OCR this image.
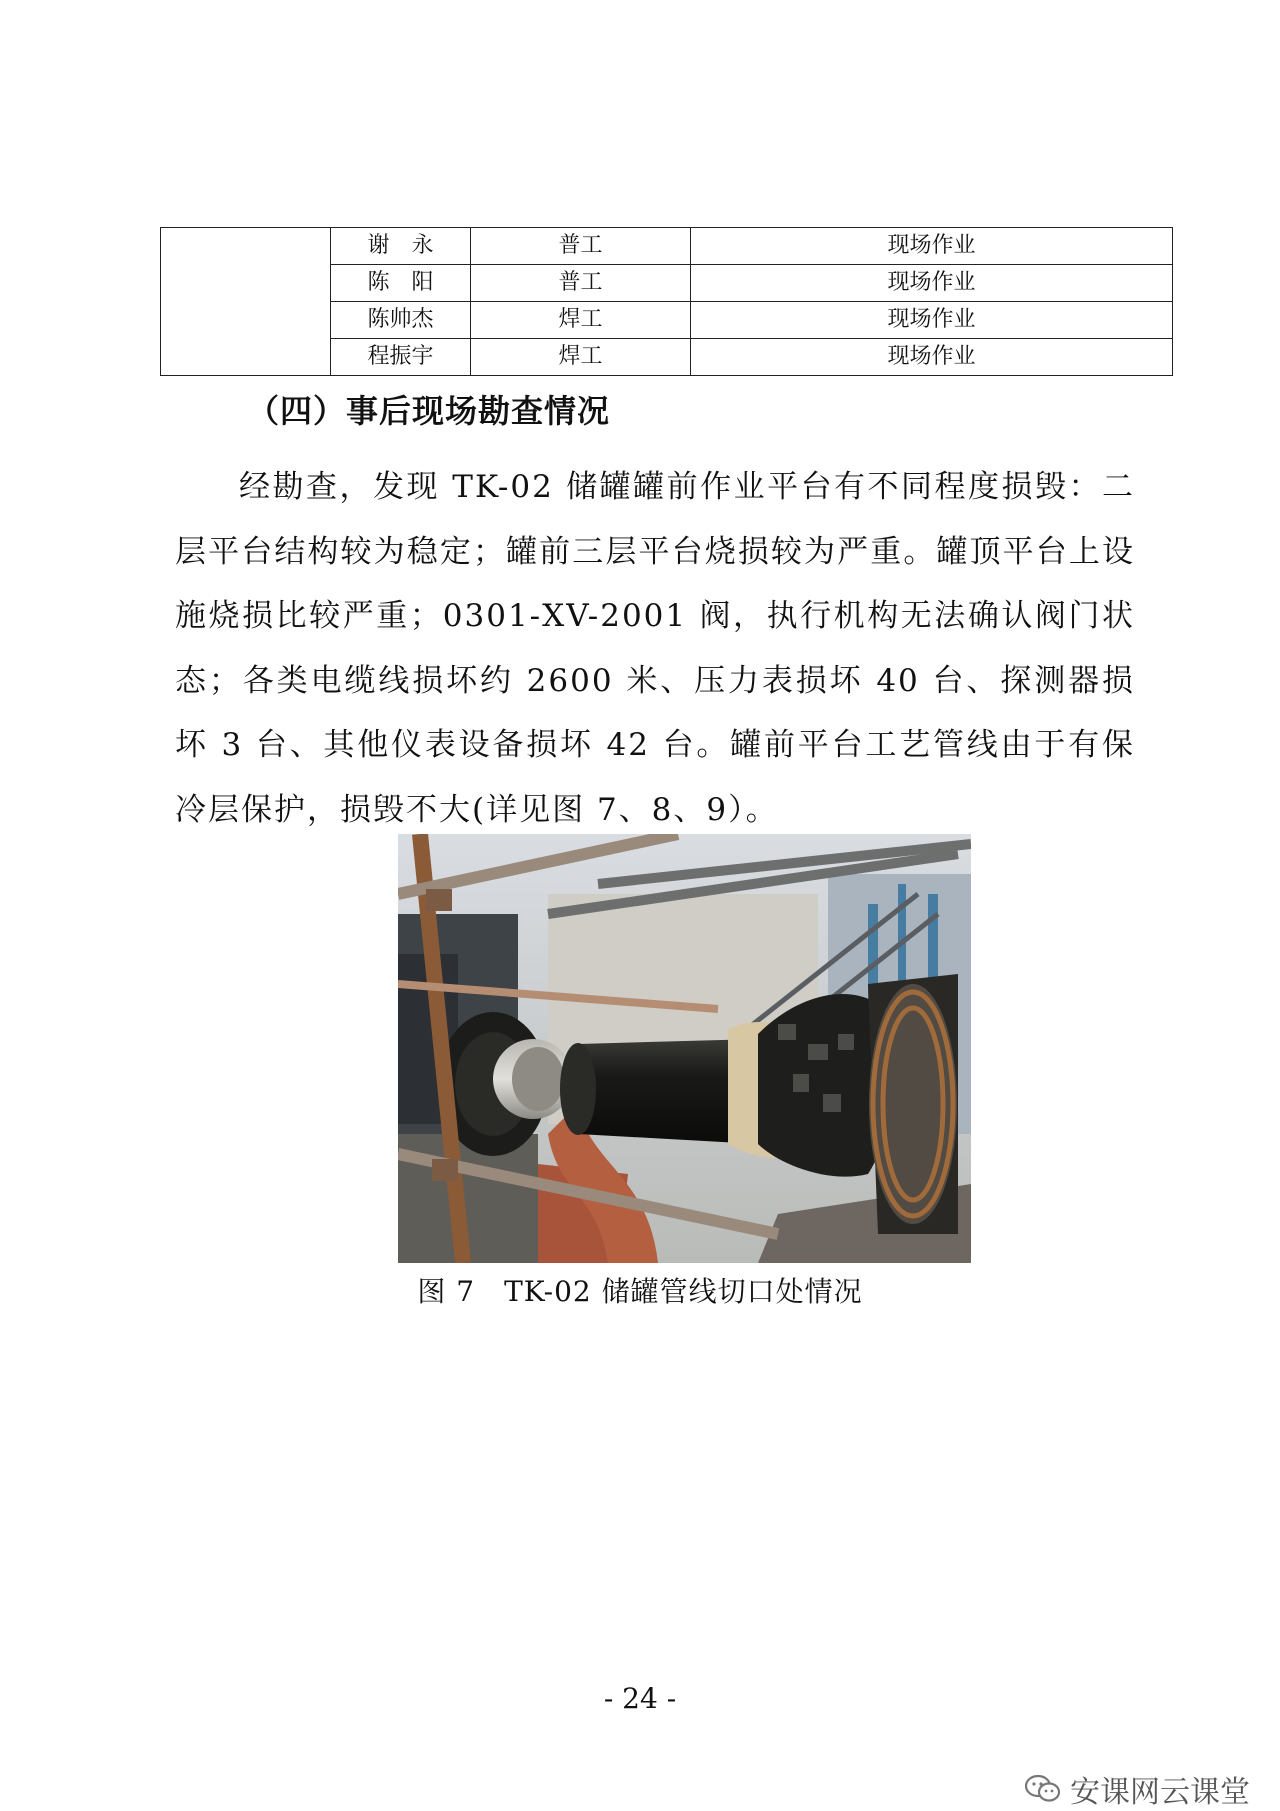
	谢　永	普工	现场作业
	陈　阳	普工	现场作业
	陈帅杰	焊工	现场作业
	程振宇	焊工	现场作业
（四）事后现场勘查情况

经勘查，发现 TK-02 储罐罐前作业平台有不同程度损毁：二层平台结构较为稳定；罐前三层平台烧损较为严重。罐顶平台上设施烧损比较严重；0301-XV-2001 阀，执行机构无法确认阀门状态；各类电缆线损坏约 2600 米、压力表损坏 40 台、探测器损坏 3 台、其他仪表设备损坏 42 台。罐前平台工艺管线由于有保冷层保护，损毁不大(详见图 7、8、9）。

图 7　TK-02 储罐管线切口处情况

- 24 -

安课网云课堂
